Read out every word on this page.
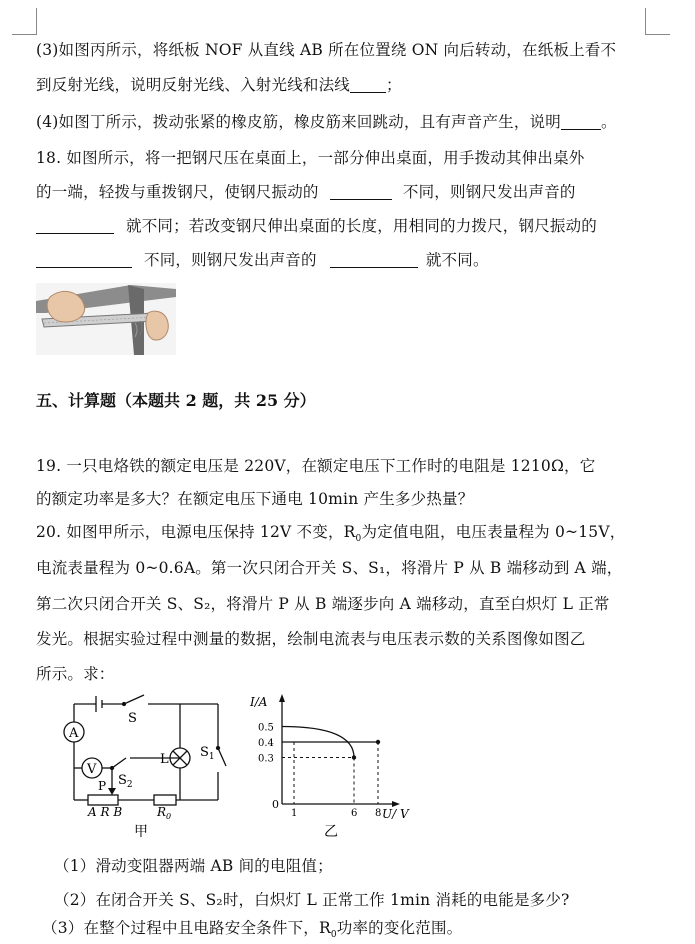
(3)如图丙所示，将纸板 NOF 从直线 AB 所在位置绕 ON 向后转动，在纸板上看不
到反射光线，说明反射光线、入射光线和法线 ；
(4)如图丁所示，拨动张紧的橡皮筋，橡皮筋来回跳动，且有声音产生，说明	。
18. 如图所示，将一把钢尺压在桌面上，一部分伸出桌面，用手拨动其伸出桌外
的一端，轻拨与重拨钢尺，使钢尺振动的	不同，则钢尺发出声音的
就不同；若改变钢尺伸出桌面的长度，用相同的力拨尺，钢尺振动的
不同，则钢尺发出声音的	就不同。
五、计算题（本题共 2 题，共 25 分）
19. 一只电烙铁的额定电压是 220V，在额定电压下工作时的电阻是 1210Ω，它
的额定功率是多大？在额定电压下通电 10min 产生多少热量？
20. 如图甲所示，电源电压保持 12V 不变，$R_0$为定值电阻，电压表量程为 0~15V，
电流表量程为 0~0.6A。第一次只闭合开关 S、S₁，将滑片 P 从 B 端移动到 A 端，
第二次只闭合开关 S、S₂，将滑片 P 从 B 端逐步向 A 端移动，直至白炽灯 L 正常
发光。根据实验过程中测量的数据，绘制电流表与电压表示数的关系图像如图乙
所示。求：
A
V
S
$S_2$
L $S_1$
P
A R B	$R_0$
甲
I/A
U/ V
0
0.3
0.4
0.5
1	6 8
乙
（1）滑动变阻器两端 AB 间的电阻值；
（2）在闭合开关 S、S₂时，白炽灯 L 正常工作 1min 消耗的电能是多少?
（3）在整个过程中且电路安全条件下，$R_0$功率的变化范围。
